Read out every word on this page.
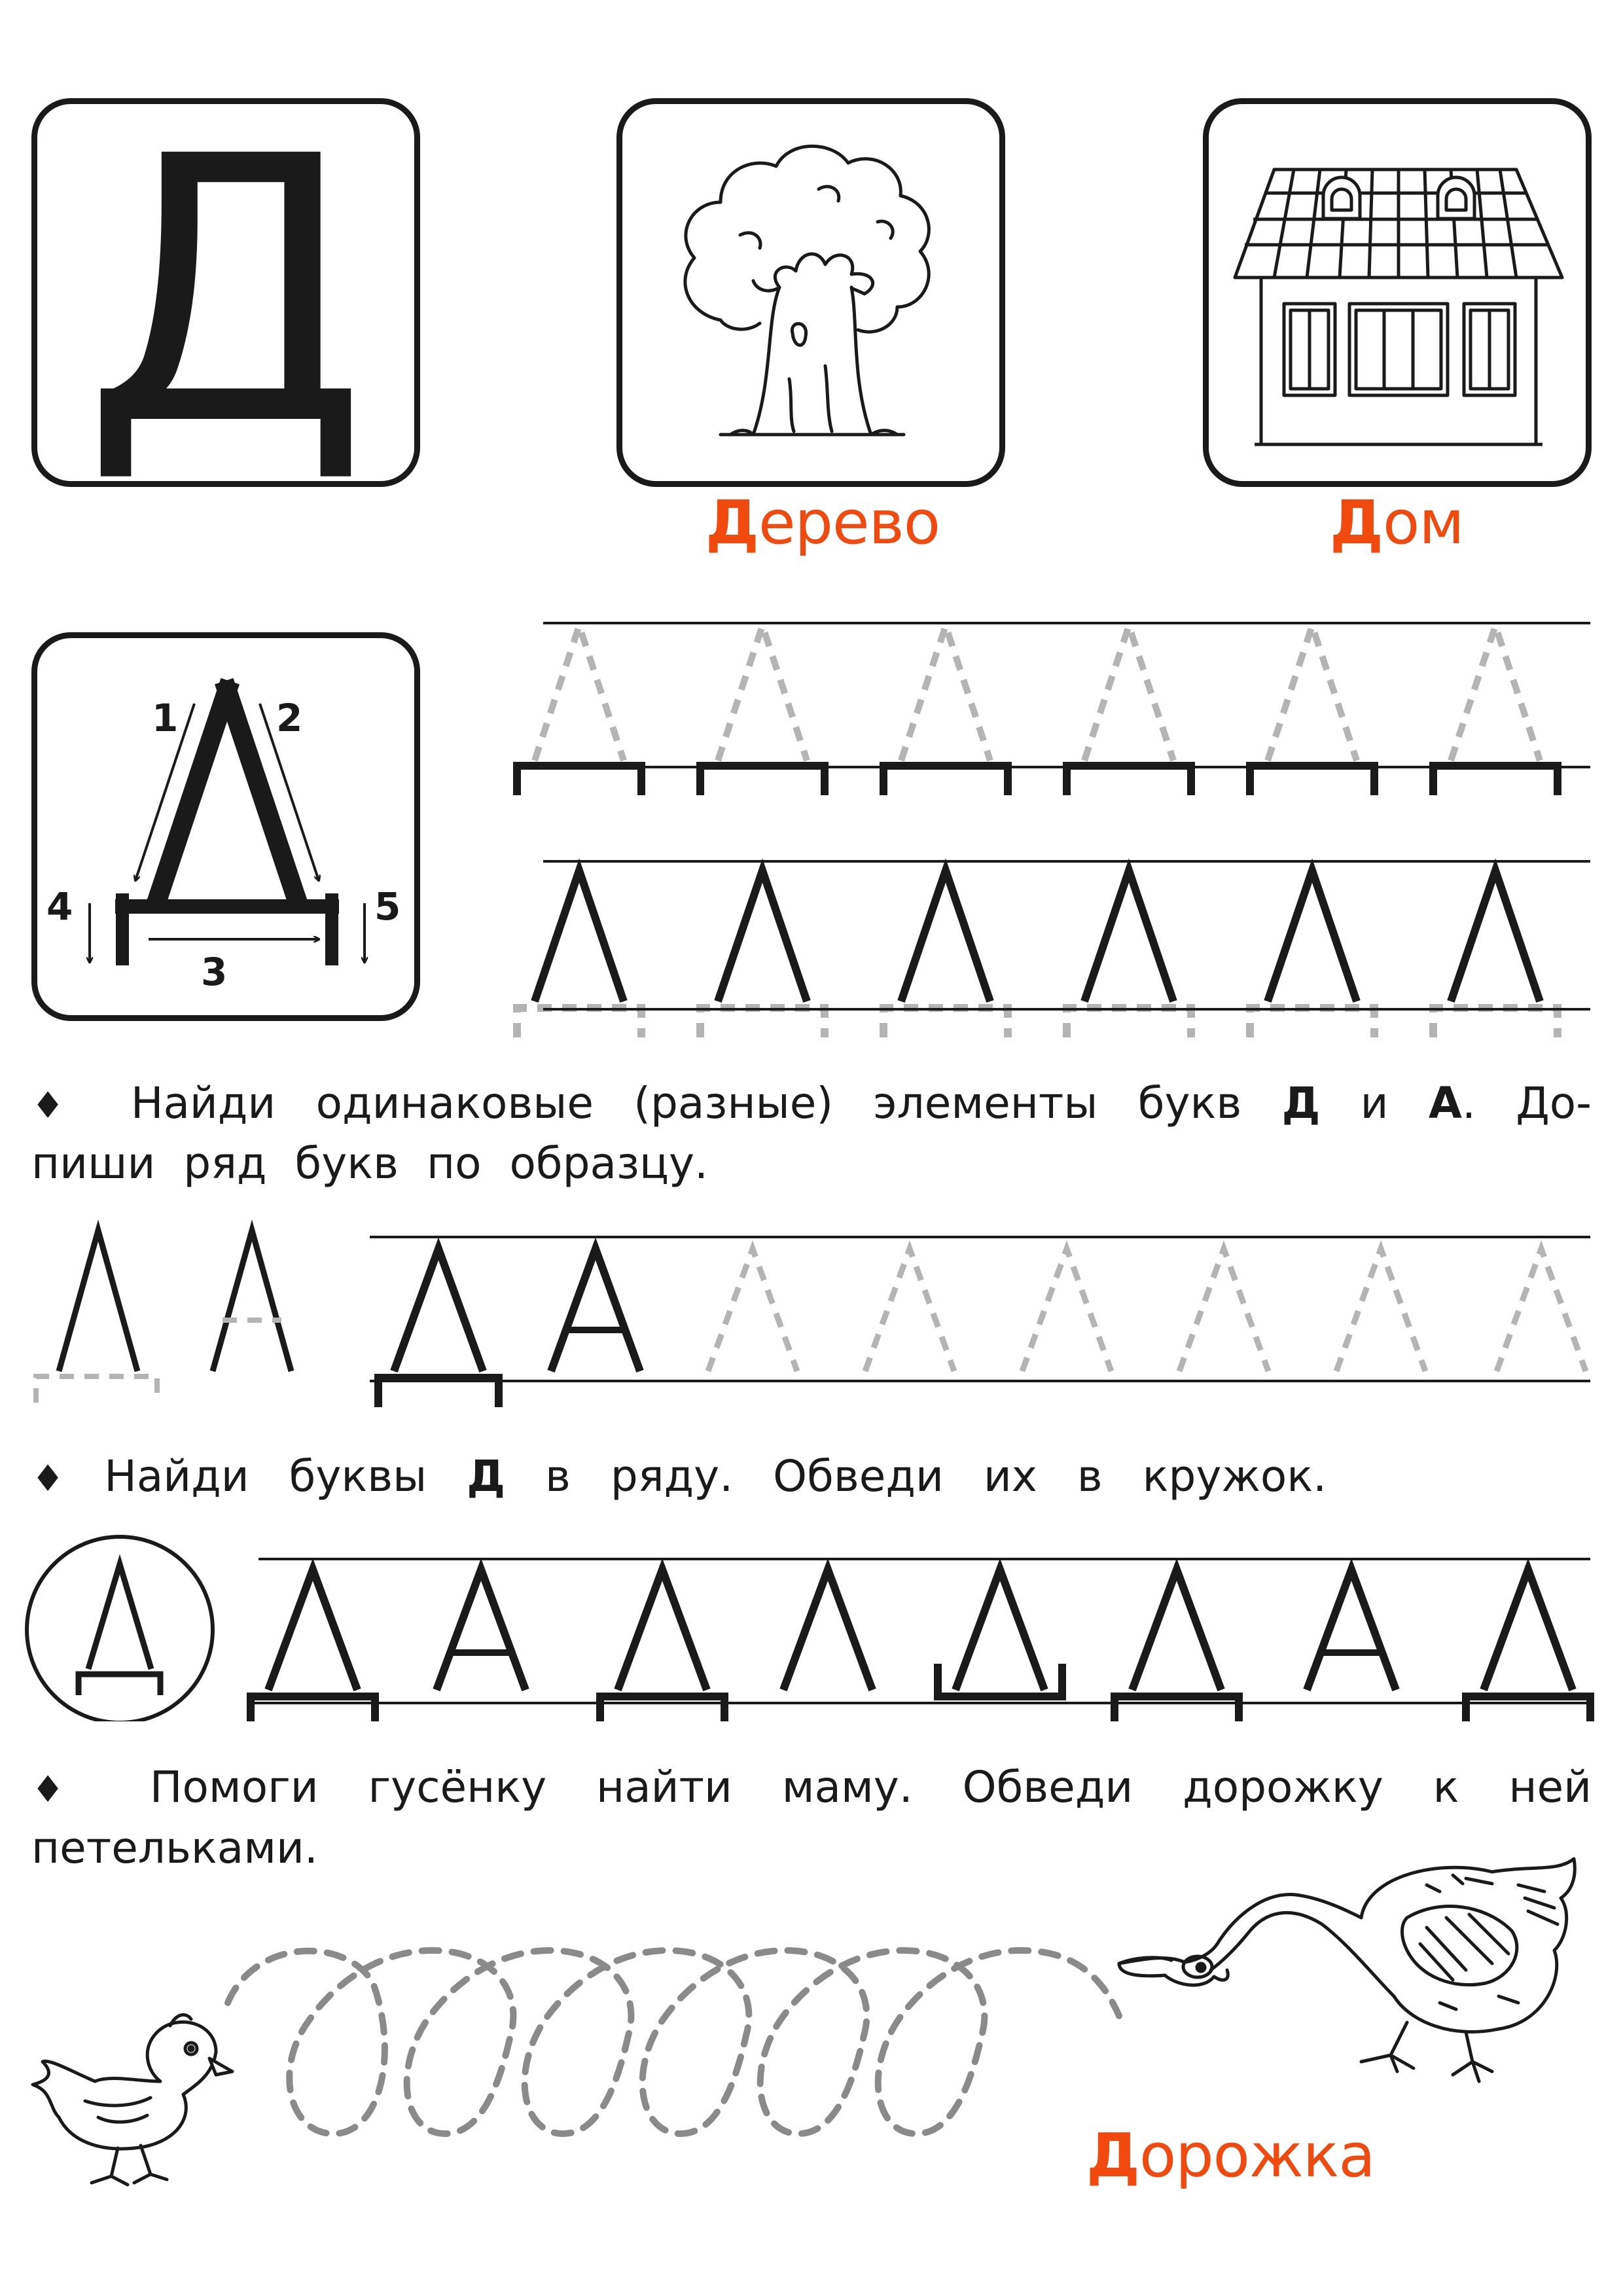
Д
Дерево	Дом
1	2
3
4	5
♦ Найди одинаковые (разные) элементы букв Д и А. До-
пиши ряд букв по образцу.
♦ Найди буквы Д в ряду. Обведи их в кружок.
♦ Помоги гусёнку найти маму. Обведи дорожку к ней
петельками.
Дорожка
